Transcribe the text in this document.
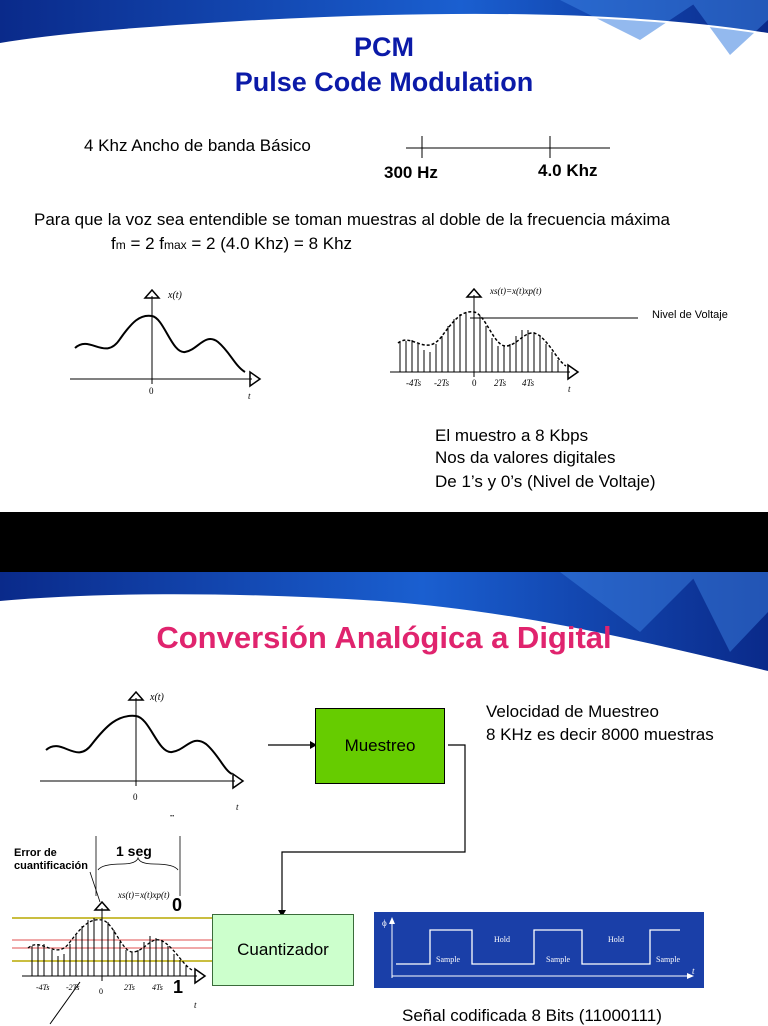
PCM
Pulse Code Modulation
4 Khz Ancho de banda Básico
300 Hz	4.0 Khz
Para que la voz sea entendible se toman muestras al doble de la frecuencia máxima
fm = 2 fmax = 2 (4.0 Khz) = 8 Khz
x(t)
0	t
xs(t)=x(t)xp(t)
-4Ts -2Ts	0 2Ts 4Ts
t
Nivel de Voltaje
El muestro a 8 Kbps
Nos da valores digitales
De 1’s y 0’s (Nivel de Voltaje)
Conversión Analógica a Digital
x(t)
0
t
••
Muestreo
Velocidad de Muestreo
8 KHz es decir 8000 muestras
Error de
cuantificación
1 seg
xs(t)=x(t)xp(t)
-4Ts -2Ts 0	2Ts 4Ts
t
0
1
Cuantizador
ϕ
Sample
Hold
Sample
Hold
Sample
t
Señal codificada 8 Bits (11000111)
